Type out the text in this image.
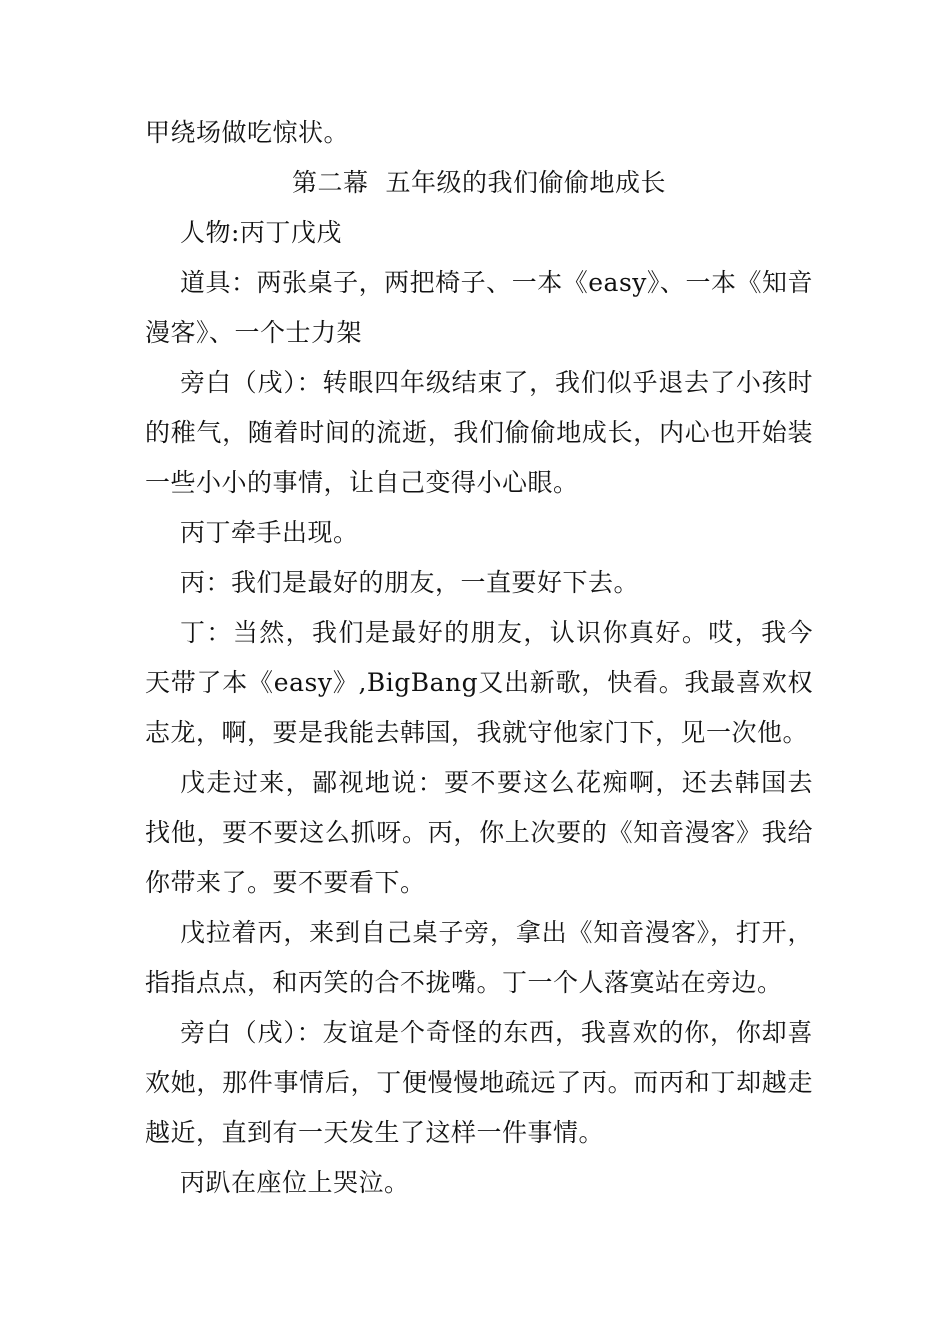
甲绕场做吃惊状。

第二幕  五年级的我们偷偷地成长

人物:丙丁戊戌

道具：两张桌子，两把椅子、一本《easy》、一本《知音漫客》、一个士力架

旁白（戌）：转眼四年级结束了，我们似乎退去了小孩时的稚气，随着时间的流逝，我们偷偷地成长，内心也开始装一些小小的事情，让自己变得小心眼。

丙丁牵手出现。

丙：我们是最好的朋友，一直要好下去。

丁：当然，我们是最好的朋友，认识你真好。哎，我今天带了本《easy》,BigBang又出新歌，快看。我最喜欢权志龙，啊，要是我能去韩国，我就守他家门下，见一次他。

戊走过来，鄙视地说：要不要这么花痴啊，还去韩国去找他，要不要这么抓呀。丙，你上次要的《知音漫客》我给你带来了。要不要看下。

戊拉着丙，来到自己桌子旁，拿出《知音漫客》，打开，指指点点，和丙笑的合不拢嘴。丁一个人落寞站在旁边。

旁白（戌）：友谊是个奇怪的东西，我喜欢的你，你却喜欢她，那件事情后，丁便慢慢地疏远了丙。而丙和丁却越走越近，直到有一天发生了这样一件事情。

丙趴在座位上哭泣。
